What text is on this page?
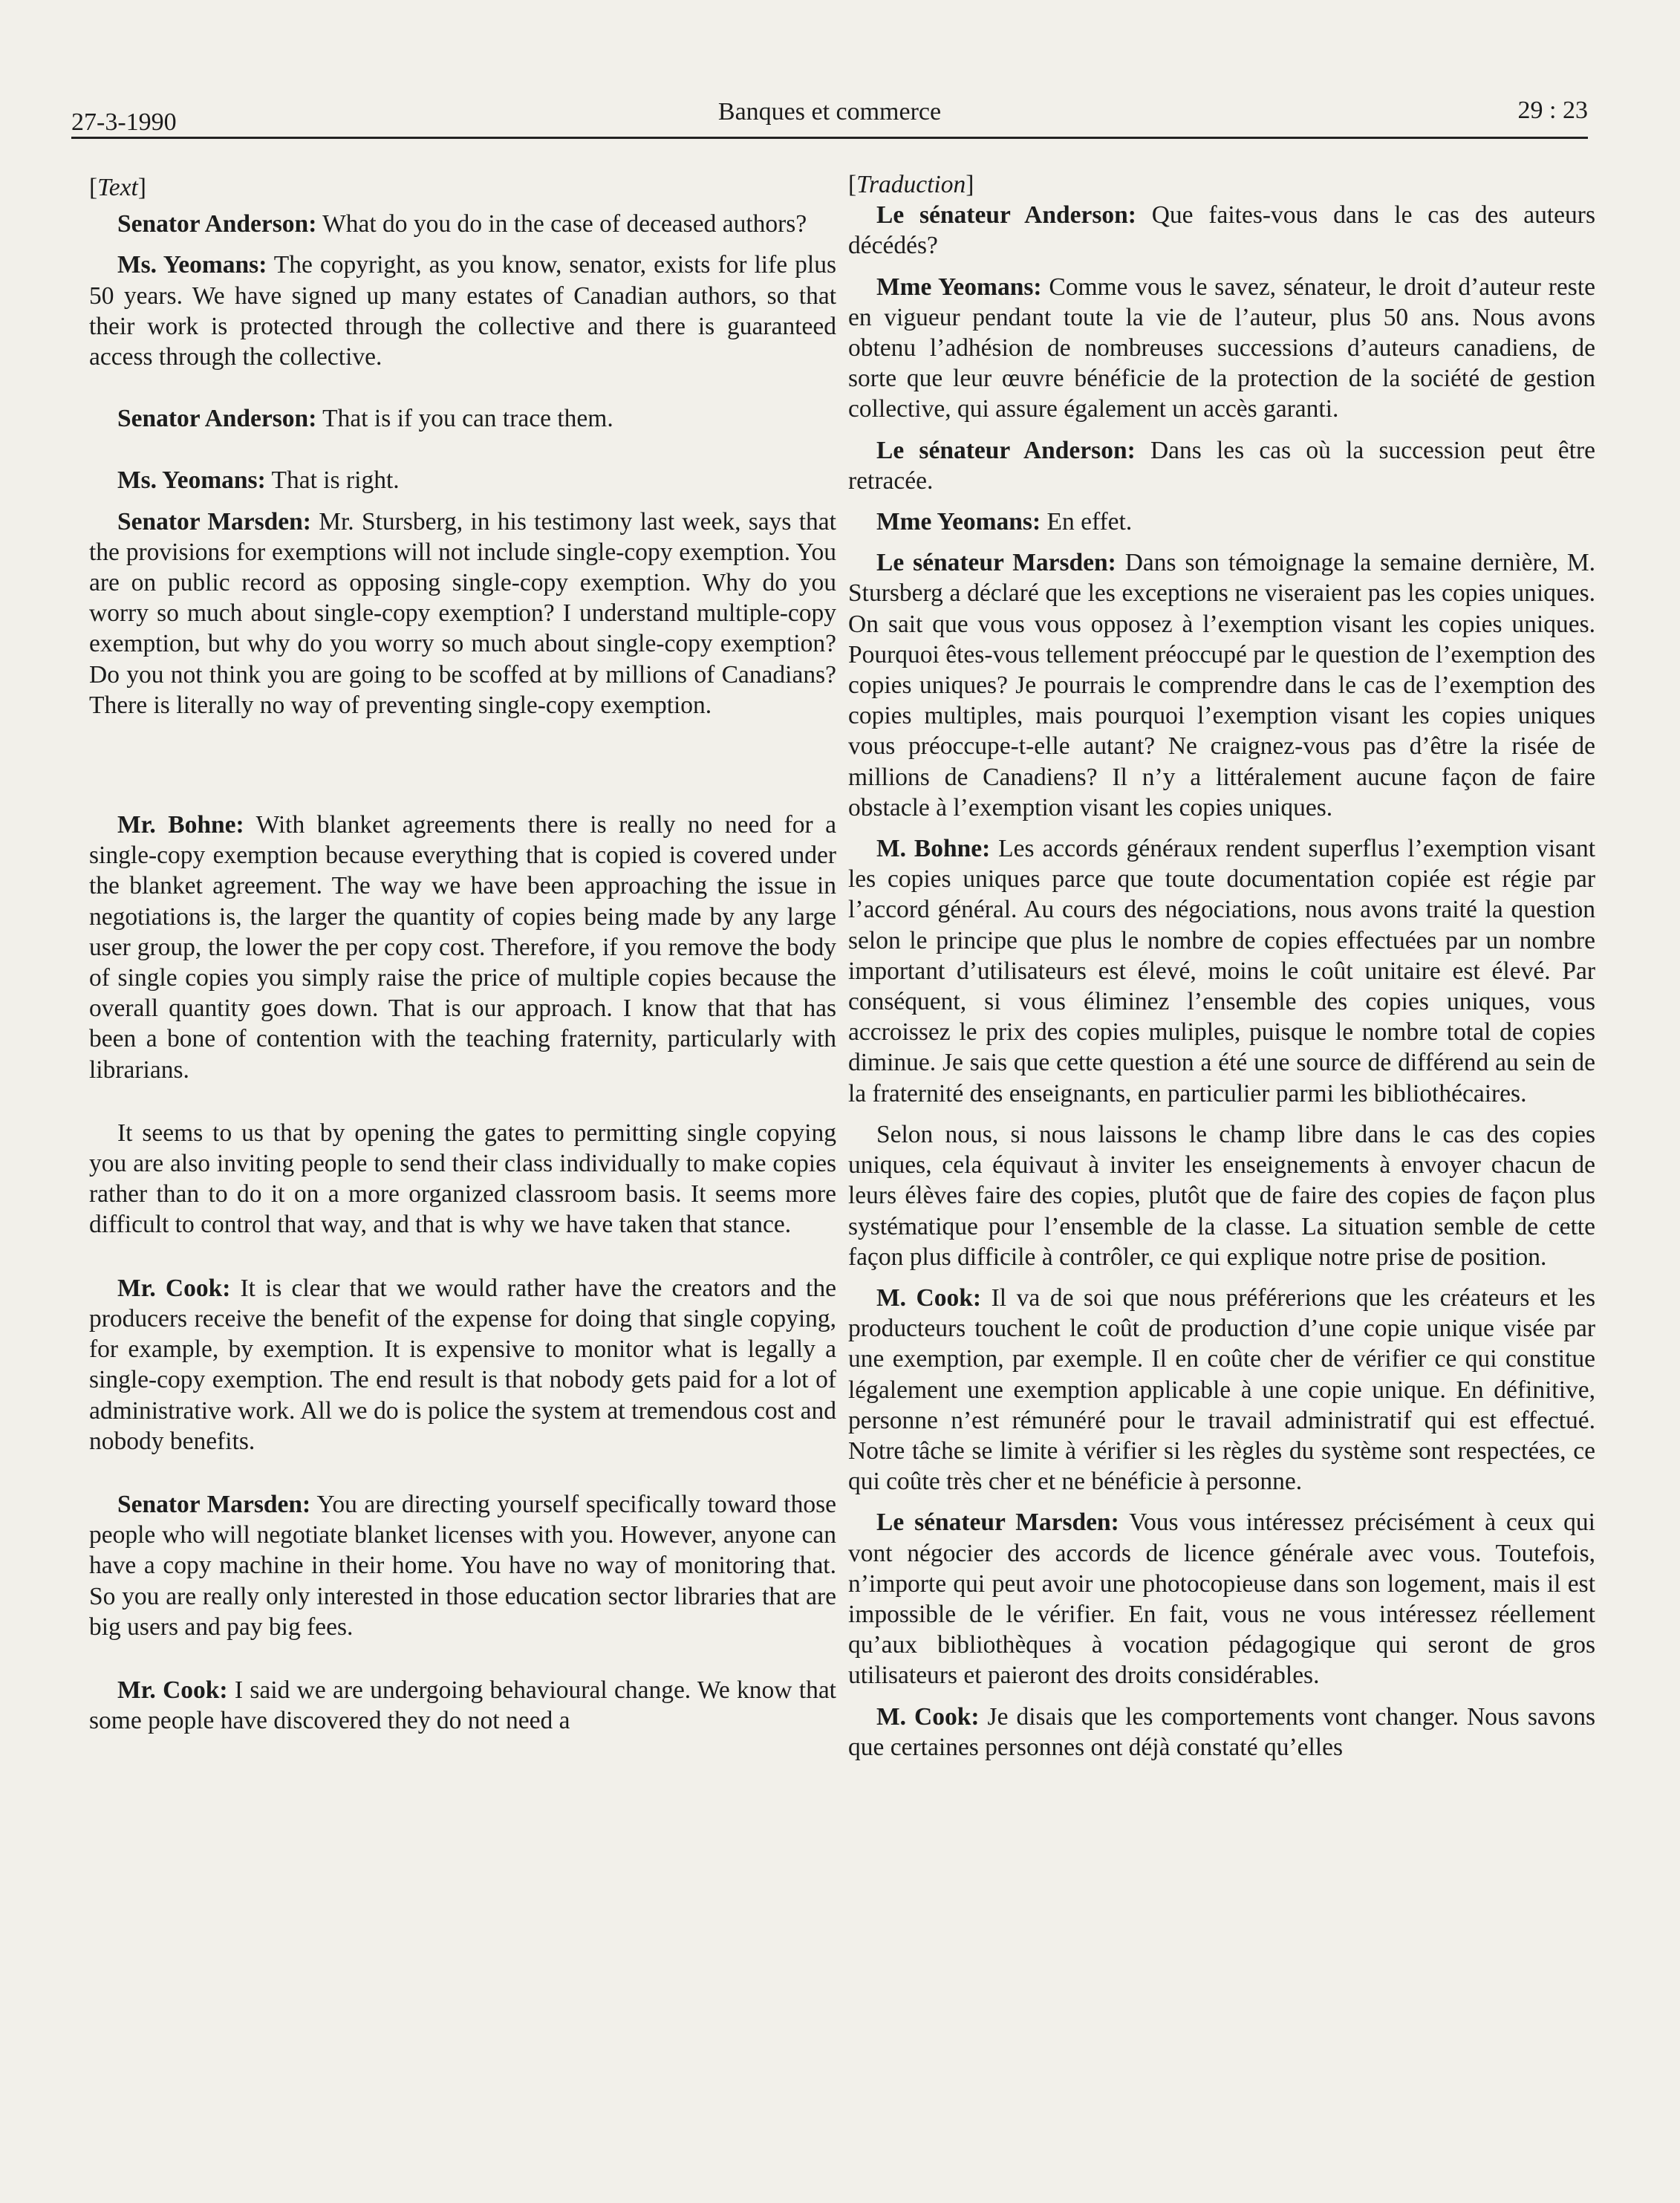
27-3-1990	Banques et commerce	29 : 23
[Text]

Senator Anderson: What do you do in the case of deceased authors?

Ms. Yeomans: The copyright, as you know, senator, exists for life plus 50 years. We have signed up many estates of Canadian authors, so that their work is protected through the collective and there is guaranteed access through the collective.

Senator Anderson: That is if you can trace them.

Ms. Yeomans: That is right.

Senator Marsden: Mr. Stursberg, in his testimony last week, says that the provisions for exemptions will not include single-copy exemption. You are on public record as opposing single-copy exemption. Why do you worry so much about single-copy exemption? I understand multiple-copy exemption, but why do you worry so much about single-copy exemption? Do you not think you are going to be scoffed at by millions of Canadians? There is literally no way of preventing single-copy exemption.

Mr. Bohne: With blanket agreements there is really no need for a single-copy exemption because everything that is copied is covered under the blanket agreement. The way we have been approaching the issue in negotiations is, the larger the quantity of copies being made by any large user group, the lower the per copy cost. Therefore, if you remove the body of single copies you simply raise the price of multiple copies because the overall quantity goes down. That is our approach. I know that that has been a bone of contention with the teaching fraternity, particularly with librarians.

It seems to us that by opening the gates to permitting single copying you are also inviting people to send their class individually to make copies rather than to do it on a more organized classroom basis. It seems more difficult to control that way, and that is why we have taken that stance.

Mr. Cook: It is clear that we would rather have the creators and the producers receive the benefit of the expense for doing that single copying, for example, by exemption. It is expensive to monitor what is legally a single-copy exemption. The end result is that nobody gets paid for a lot of administrative work. All we do is police the system at tremendous cost and nobody benefits.

Senator Marsden: You are directing yourself specifically toward those people who will negotiate blanket licenses with you. However, anyone can have a copy machine in their home. You have no way of monitoring that. So you are really only interested in those education sector libraries that are big users and pay big fees.

Mr. Cook: I said we are undergoing behavioural change. We know that some people have discovered they do not need a

[Traduction]

Le sénateur Anderson: Que faites-vous dans le cas des auteurs décédés?

Mme Yeomans: Comme vous le savez, sénateur, le droit d’auteur reste en vigueur pendant toute la vie de l’auteur, plus 50 ans. Nous avons obtenu l’adhésion de nombreuses successions d’auteurs canadiens, de sorte que leur œuvre bénéficie de la protection de la société de gestion collective, qui assure également un accès garanti.

Le sénateur Anderson: Dans les cas où la succession peut être retracée.

Mme Yeomans: En effet.

Le sénateur Marsden: Dans son témoignage la semaine dernière, M. Stursberg a déclaré que les exceptions ne viseraient pas les copies uniques. On sait que vous vous opposez à l’exemption visant les copies uniques. Pourquoi êtes-vous tellement préoccupé par le question de l’exemption des copies uniques? Je pourrais le comprendre dans le cas de l’exemption des copies multiples, mais pourquoi l’exemption visant les copies uniques vous préoccupe-t-elle autant? Ne craignez-vous pas d’être la risée de millions de Canadiens? Il n’y a littéralement aucune façon de faire obstacle à l’exemption visant les copies uniques.

M. Bohne: Les accords généraux rendent superflus l’exemption visant les copies uniques parce que toute documentation copiée est régie par l’accord général. Au cours des négociations, nous avons traité la question selon le principe que plus le nombre de copies effectuées par un nombre important d’utilisateurs est élevé, moins le coût unitaire est élevé. Par conséquent, si vous éliminez l’ensemble des copies uniques, vous accroissez le prix des copies muliples, puisque le nombre total de copies diminue. Je sais que cette question a été une source de différend au sein de la fraternité des enseignants, en particulier parmi les bibliothécaires.

Selon nous, si nous laissons le champ libre dans le cas des copies uniques, cela équivaut à inviter les enseignements à envoyer chacun de leurs élèves faire des copies, plutôt que de faire des copies de façon plus systématique pour l’ensemble de la classe. La situation semble de cette façon plus difficile à contrôler, ce qui explique notre prise de position.

M. Cook: Il va de soi que nous préférerions que les créateurs et les producteurs touchent le coût de production d’une copie unique visée par une exemption, par exemple. Il en coûte cher de vérifier ce qui constitue légalement une exemption applicable à une copie unique. En définitive, personne n’est rémunéré pour le travail administratif qui est effectué. Notre tâche se limite à vérifier si les règles du système sont respectées, ce qui coûte très cher et ne bénéficie à personne.

Le sénateur Marsden: Vous vous intéressez précisément à ceux qui vont négocier des accords de licence générale avec vous. Toutefois, n’importe qui peut avoir une photocopieuse dans son logement, mais il est impossible de le vérifier. En fait, vous ne vous intéressez réellement qu’aux bibliothèques à vocation pédagogique qui seront de gros utilisateurs et paieront des droits considérables.

M. Cook: Je disais que les comportements vont changer. Nous savons que certaines personnes ont déjà constaté qu’elles
